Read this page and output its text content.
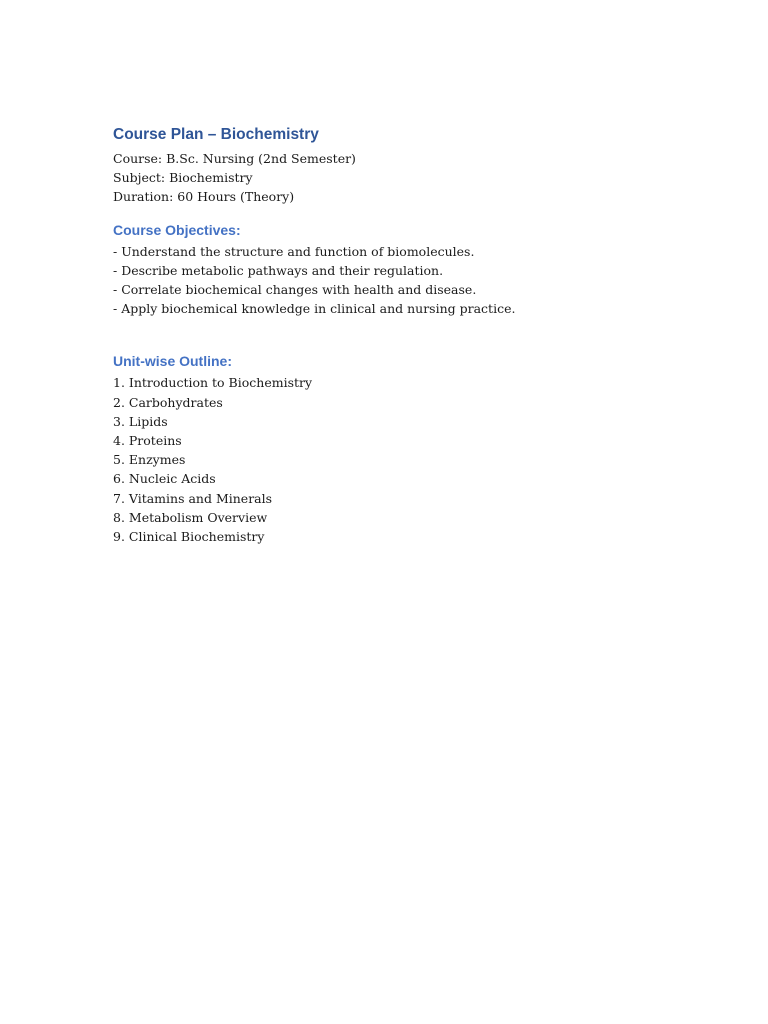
Course Plan – Biochemistry
Course: B.Sc. Nursing (2nd Semester)
Subject: Biochemistry
Duration: 60 Hours (Theory)
Course Objectives:
- Understand the structure and function of biomolecules.
- Describe metabolic pathways and their regulation.
- Correlate biochemical changes with health and disease.
- Apply biochemical knowledge in clinical and nursing practice.
Unit-wise Outline:
1. Introduction to Biochemistry
2. Carbohydrates
3. Lipids
4. Proteins
5. Enzymes
6. Nucleic Acids
7. Vitamins and Minerals
8. Metabolism Overview
9. Clinical Biochemistry
